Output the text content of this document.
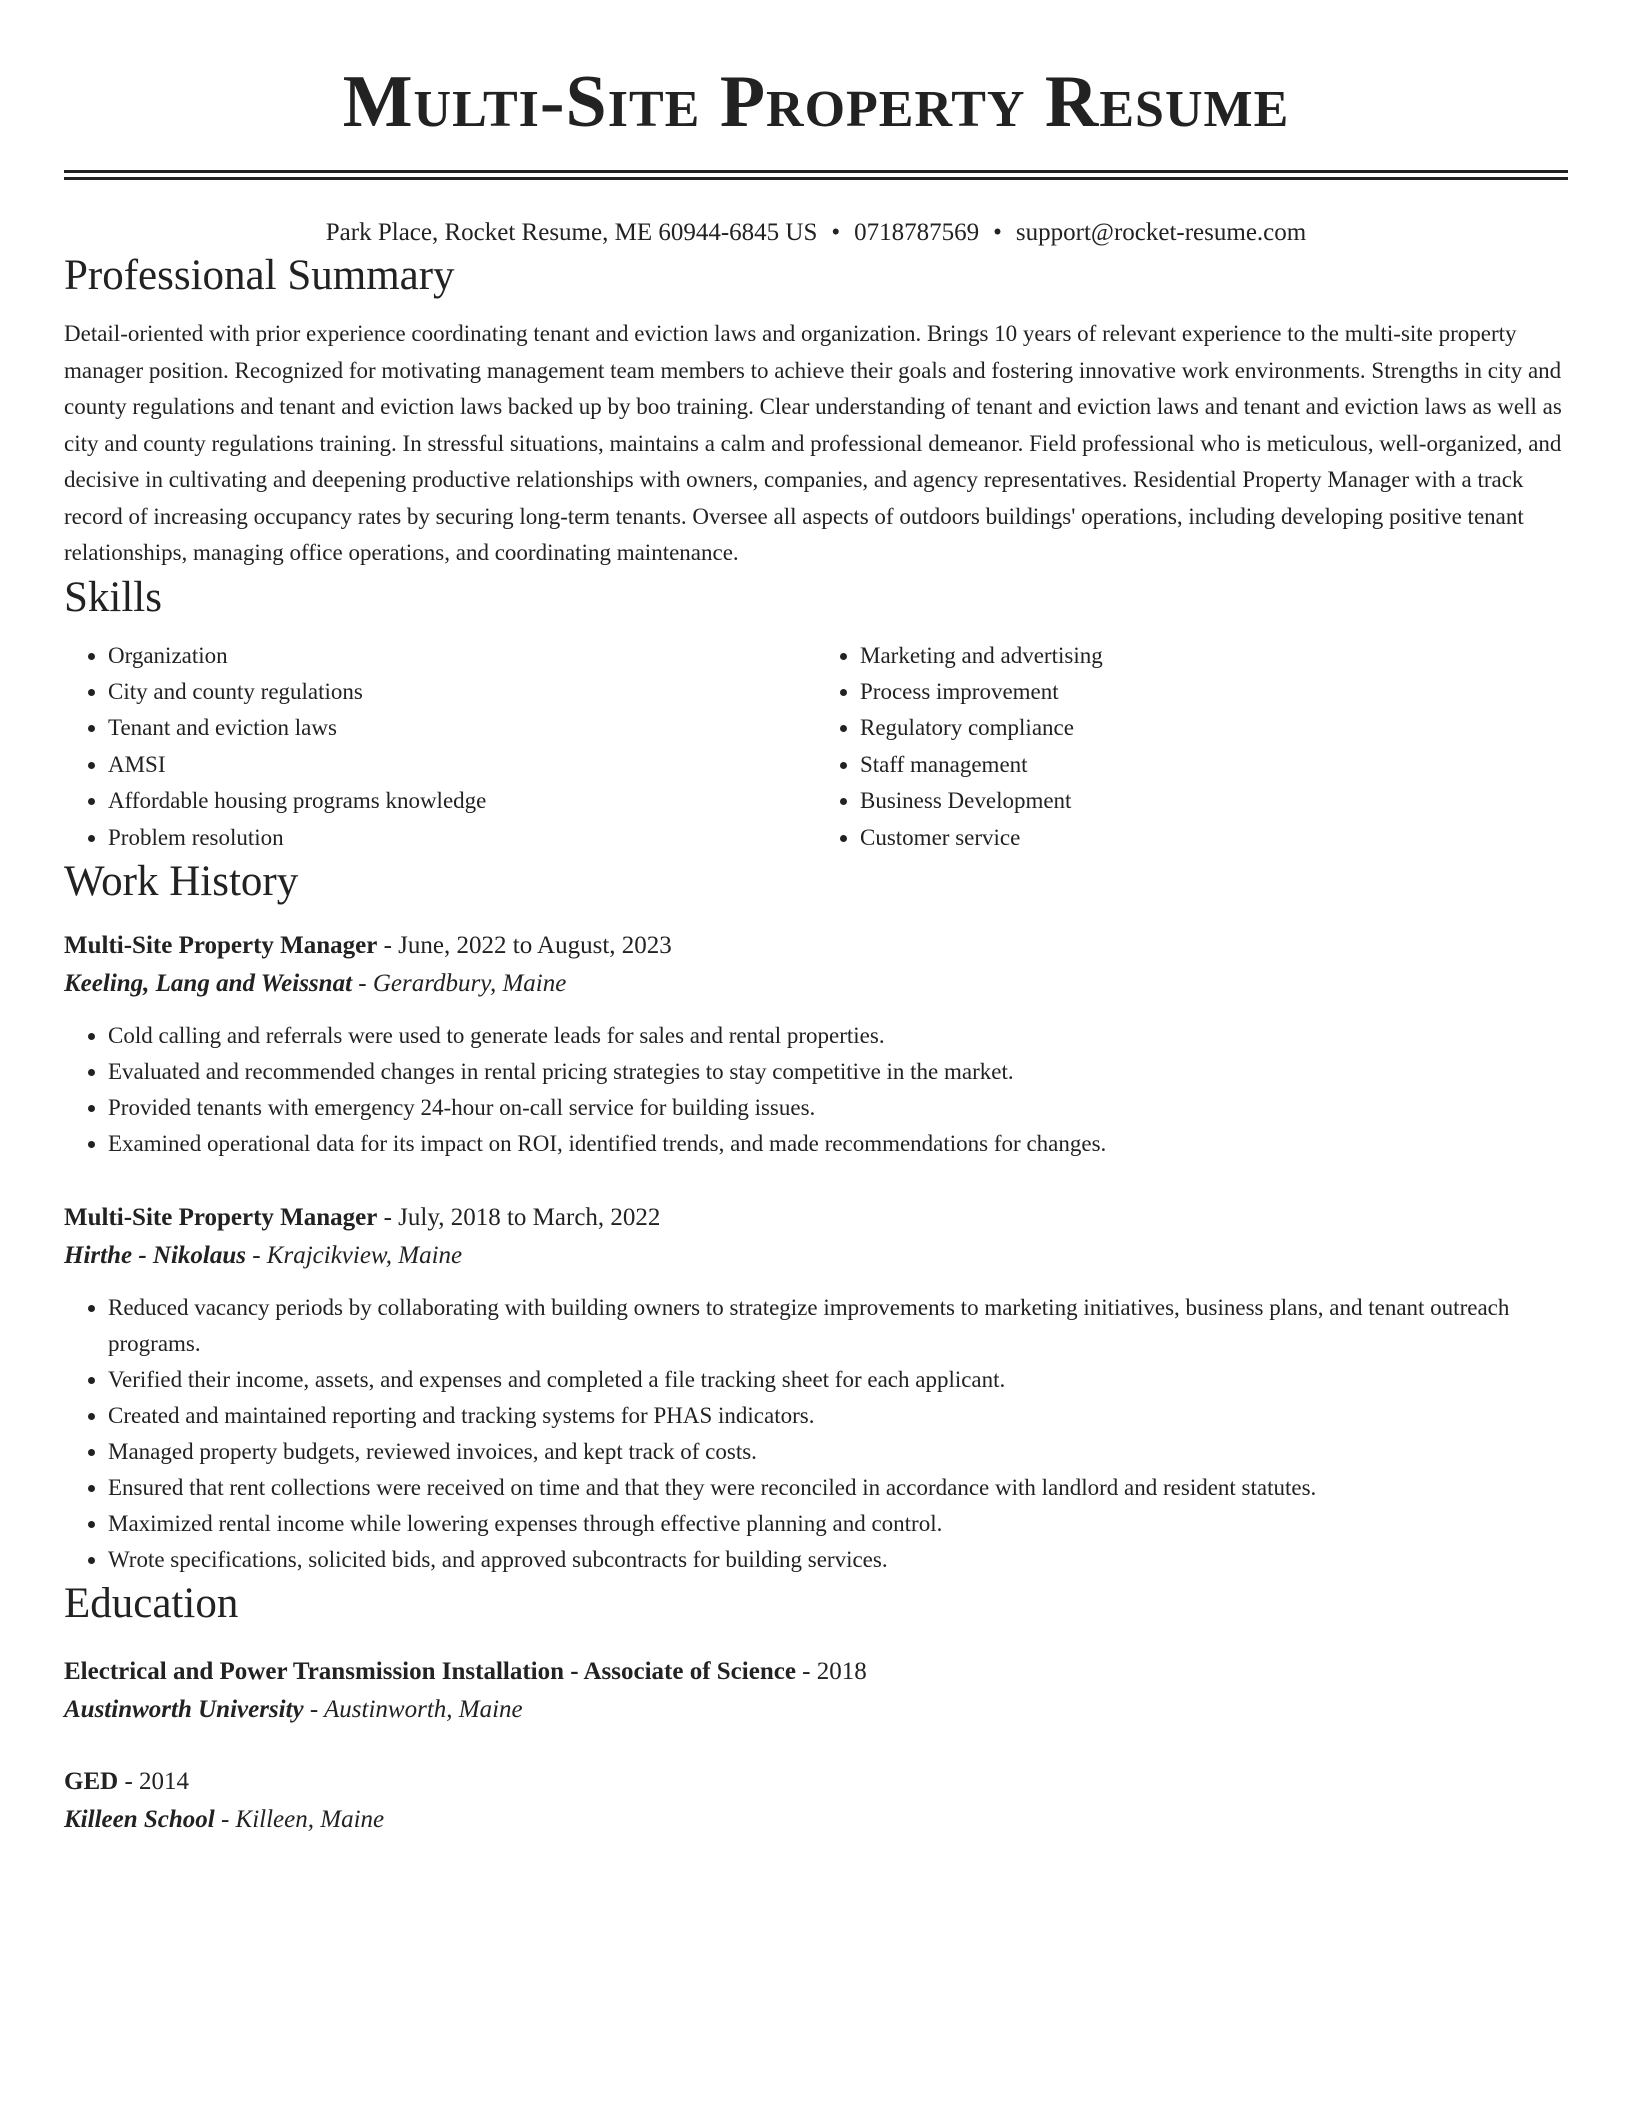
Multi-Site Property Resume
Park Place, Rocket Resume, ME 60944-6845 US • 0718787569 • support@rocket-resume.com
Professional Summary

Detail-oriented with prior experience coordinating tenant and eviction laws and organization. Brings 10 years of relevant experience to the multi-site property manager position. Recognized for motivating management team members to achieve their goals and fostering innovative work environments. Strengths in city and county regulations and tenant and eviction laws backed up by boo training. Clear understanding of tenant and eviction laws and tenant and eviction laws as well as city and county regulations training. In stressful situations, maintains a calm and professional demeanor. Field professional who is meticulous, well-organized, and decisive in cultivating and deepening productive relationships with owners, companies, and agency representatives. Residential Property Manager with a track record of increasing occupancy rates by securing long-term tenants. Oversee all aspects of outdoors buildings' operations, including developing positive tenant relationships, managing office operations, and coordinating maintenance.

Skills
• Organization
• City and county regulations
• Tenant and eviction laws
• AMSI
• Affordable housing programs knowledge
• Problem resolution
• Marketing and advertising
• Process improvement
• Regulatory compliance
• Staff management
• Business Development
• Customer service
Work History
Multi-Site Property Manager - June, 2022 to August, 2023
Keeling, Lang and Weissnat - Gerardbury, Maine
• Cold calling and referrals were used to generate leads for sales and rental properties.
• Evaluated and recommended changes in rental pricing strategies to stay competitive in the market.
• Provided tenants with emergency 24-hour on-call service for building issues.
• Examined operational data for its impact on ROI, identified trends, and made recommendations for changes.
Multi-Site Property Manager - July, 2018 to March, 2022
Hirthe - Nikolaus - Krajcikview, Maine
• Reduced vacancy periods by collaborating with building owners to strategize improvements to marketing initiatives, business plans, and tenant outreach programs.
• Verified their income, assets, and expenses and completed a file tracking sheet for each applicant.
• Created and maintained reporting and tracking systems for PHAS indicators.
• Managed property budgets, reviewed invoices, and kept track of costs.
• Ensured that rent collections were received on time and that they were reconciled in accordance with landlord and resident statutes.
• Maximized rental income while lowering expenses through effective planning and control.
• Wrote specifications, solicited bids, and approved subcontracts for building services.
Education
Electrical and Power Transmission Installation - Associate of Science - 2018
Austinworth University - Austinworth, Maine
GED - 2014
Killeen School - Killeen, Maine
